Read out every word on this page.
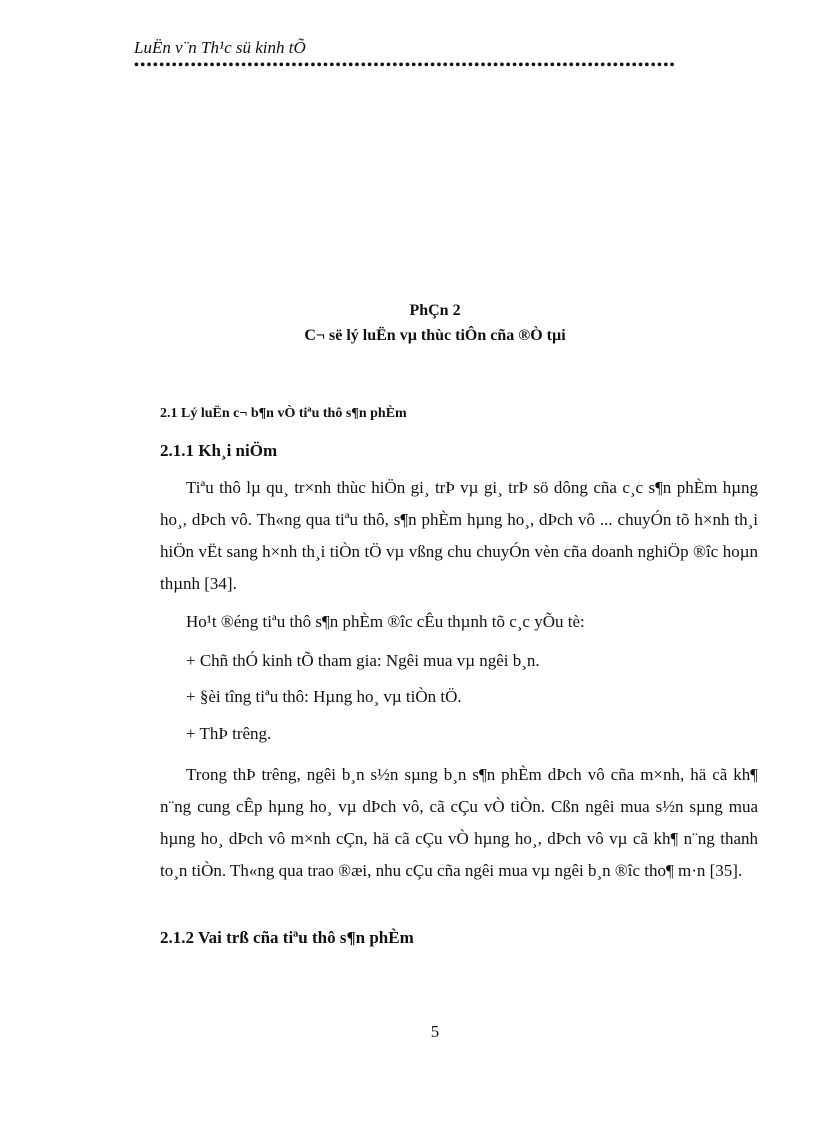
LuËn v¨n Th¹c sü kinh tÕ
••••••••••••••••••••••••••••••••••••••••••••••••••••••••••••••••••••••••••••••••••••••
PhÇn 2
C¬ së lý luËn vµ thùc tiÔn cña ®Ò tµi
2.1 Lý luËn c¬ b¶n vÒ tiªu thô s¶n phÈm
2.1.1 Kh¸i niÖm
Tiªu thô lµ qu¸ tr×nh thùc hiÖn gi¸ trÞ vµ gi¸ trÞ sö dông cña c¸c s¶n phÈm hµng ho¸, dÞch vô. Th«ng qua tiªu thô, s¶n phÈm hµng ho¸, dÞch vô ... chuyÓn tõ h×nh th¸i hiÖn vËt sang h×nh th¸i tiÒn tÖ vµ vßng chu chuyÓn vèn cña doanh nghiÖp ®îc hoµn thµnh [34].
Ho¹t ®éng tiªu thô s¶n phÈm ®îc cÊu thµnh tõ c¸c yÕu tè:
+ Chñ thÓ kinh tÕ tham gia: Ngêi mua vµ ngêi b¸n.
+ §èi tîng tiªu thô: Hµng ho¸ vµ tiÒn tÖ.
+ ThÞ trêng.
Trong thÞ trêng, ngêi b¸n s½n sµng b¸n s¶n phÈm dÞch vô cña m×nh, hä cã kh¶ n¨ng cung cÊp hµng ho¸ vµ dÞch vô, cã cÇu vÒ tiÒn. Cßn ngêi mua s½n sµng mua hµng ho¸ dÞch vô m×nh cÇn, hä cã cÇu vÒ hµng ho¸, dÞch vô vµ cã kh¶ n¨ng thanh to¸n tiÒn. Th«ng qua trao ®æi, nhu cÇu cña ngêi mua vµ ngêi b¸n ®îc tho¶ m·n [35].
2.1.2 Vai trß cña tiªu thô s¶n phÈm
5
